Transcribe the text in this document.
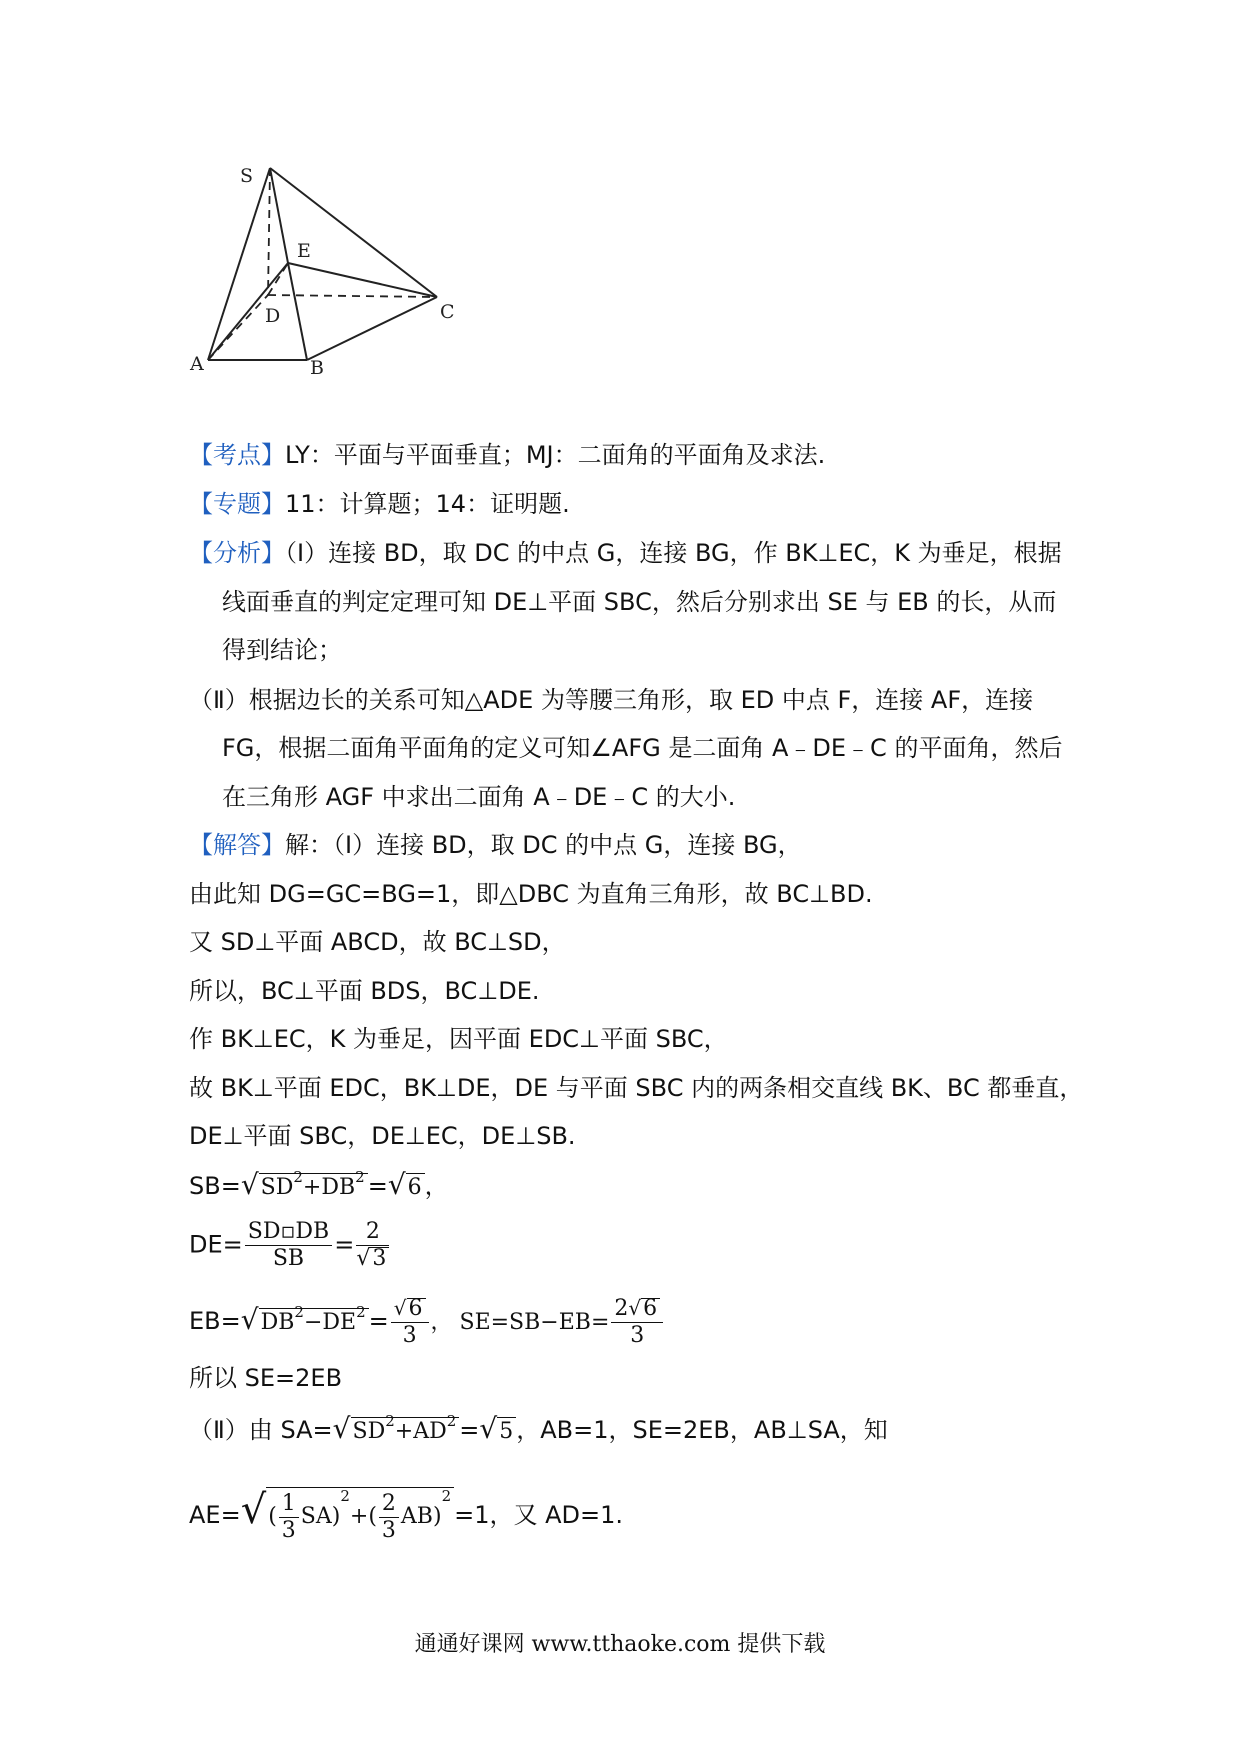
S
E
D	C
A	B
【考点】LY：平面与平面垂直；MJ：二面角的平面角及求法.
【专题】11：计算题；14：证明题.
【分析】（Ⅰ）连接 BD，取 DC 的中点 G，连接 BG，作 BK⊥EC，K 为垂足，根据
线面垂直的判定定理可知 DE⊥平面 SBC，然后分别求出 SE 与 EB 的长，从而
得到结论；
（Ⅱ）根据边长的关系可知△ADE 为等腰三角形，取 ED 中点 F，连接 AF，连接
FG，根据二面角平面角的定义可知∠AFG 是二面角 A﹣DE﹣C 的平面角，然后
在三角形 AGF 中求出二面角 A﹣DE﹣C 的大小.
【解答】解：（Ⅰ）连接 BD，取 DC 的中点 G，连接 BG，
由此知 DG=GC=BG=1，即△DBC 为直角三角形，故 BC⊥BD.
又 SD⊥平面 ABCD，故 BC⊥SD，
所以，BC⊥平面 BDS，BC⊥DE.
作 BK⊥EC，K 为垂足，因平面 EDC⊥平面 SBC，
故 BK⊥平面 EDC，BK⊥DE，DE 与平面 SBC 内的两条相交直线 BK、BC 都垂直，
DE⊥平面 SBC，DE⊥EC，DE⊥SB.
$SB=√SD^2+DB^2 =√6$ ，
$DE= \frac{SD▫DB}{SB} = \frac{2}{√3}$
$EB=√DB^2-DE^2 = \frac{√6}{3}$ ， $SE=SB-EB= \frac{2√6}{3}$
所以 SE=2EB
（Ⅱ）由 $SA=√SD^2+AD^2 =√5$ ，AB=1，SE=2EB，AB⊥SA，知
$AE=√( \frac{1}{3} SA)^2+( \frac{2}{3} AB)^2=1$，又 AD=1.
通通好课网 www.tthaoke.com 提供下载
